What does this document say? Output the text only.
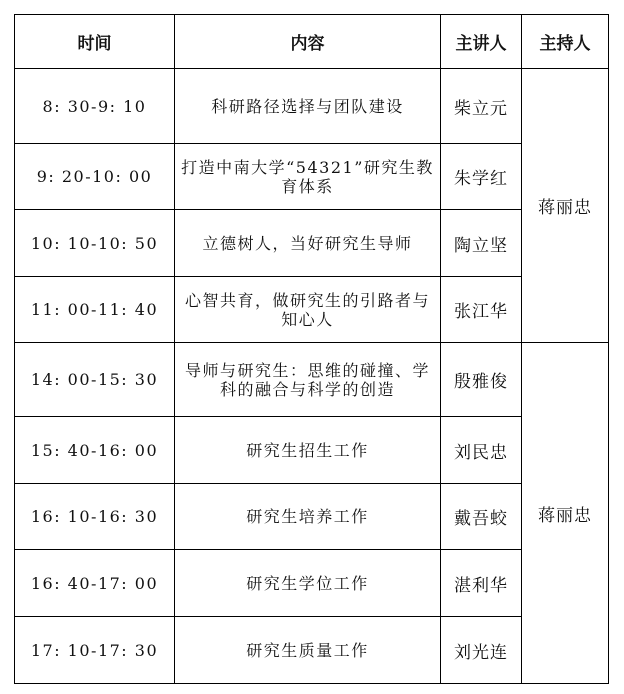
时间	内容	主讲人	主持人
8: 30-9: 10	科研路径选择与团队建设	柴立元	蒋丽忠
9: 20-10: 00	打造中南大学“54321”研究生教育体系	朱学红	
10: 10-10: 50	立德树人，当好研究生导师	陶立坚	
11: 00-11: 40	心智共育，做研究生的引路者与知心人	张江华	
14: 00-15: 30	导师与研究生：思维的碰撞、学科的融合与科学的创造	殷雅俊	蒋丽忠
15: 40-16: 00	研究生招生工作	刘民忠	
16: 10-16: 30	研究生培养工作	戴吾蛟	
16: 40-17: 00	研究生学位工作	湛利华	
17: 10-17: 30	研究生质量工作	刘光连	
